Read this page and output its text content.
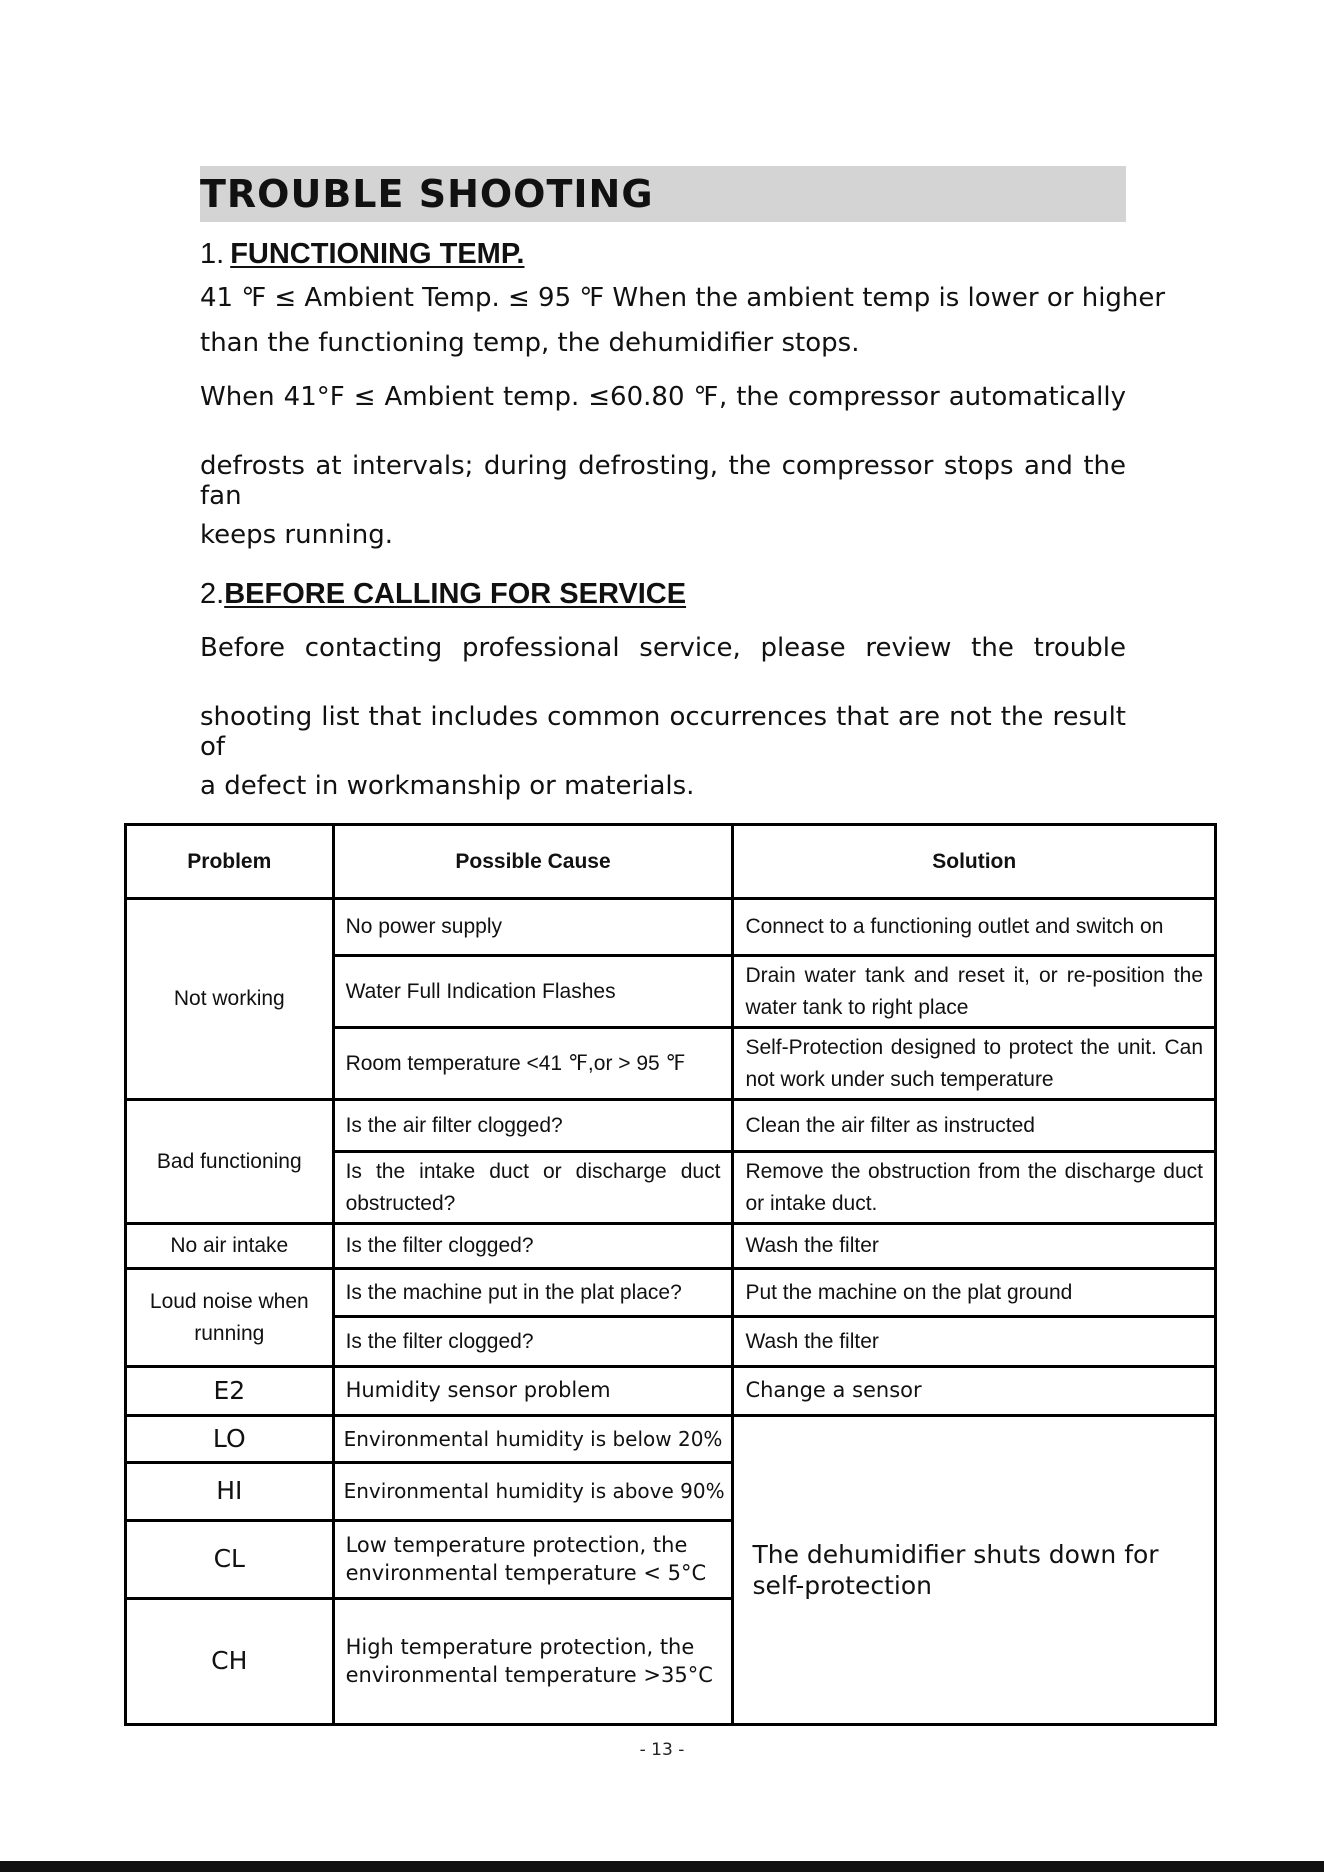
TROUBLE SHOOTING
1. FUNCTIONING TEMP.
41 ℉ ≤ Ambient Temp. ≤ 95 ℉ When the ambient temp is lower or higher
than the functioning temp, the dehumidifier stops.
When 41°F ≤ Ambient temp. ≤60.80 ℉, the compressor automatically
defrosts at intervals; during defrosting, the compressor stops and the fan
keeps running.
2.BEFORE CALLING FOR SERVICE
Before contacting professional service, please review the trouble
shooting list that includes common occurrences that are not the result of
a defect in workmanship or materials.
Problem	Possible Cause	Solution
Not working	No power supply	Connect to a functioning outlet and switch on
	Water Full Indication Flashes	Drain water tank and reset it, or re-position the water tank to right place
	Room temperature <41 ℉,or > 95 ℉	Self-Protection designed to protect the unit. Can not work under such temperature
Bad functioning	Is the air filter clogged?	Clean the air filter as instructed
	Is the intake duct or discharge duct obstructed?	Remove the obstruction from the discharge duct or intake duct.
No air intake	Is the filter clogged?	Wash the filter
Loud noise when running	Is the machine put in the plat place?	Put the machine on the plat ground
	Is the filter clogged?	Wash the filter
E2	Humidity sensor problem	Change a sensor
LO	Environmental humidity is below 20%	The dehumidifier shuts down for self-protection
HI	Environmental humidity is above 90%	
CL	Low temperature protection, the environmental temperature < 5°C	
CH	High temperature protection, the environmental temperature >35°C	
- 13 -
